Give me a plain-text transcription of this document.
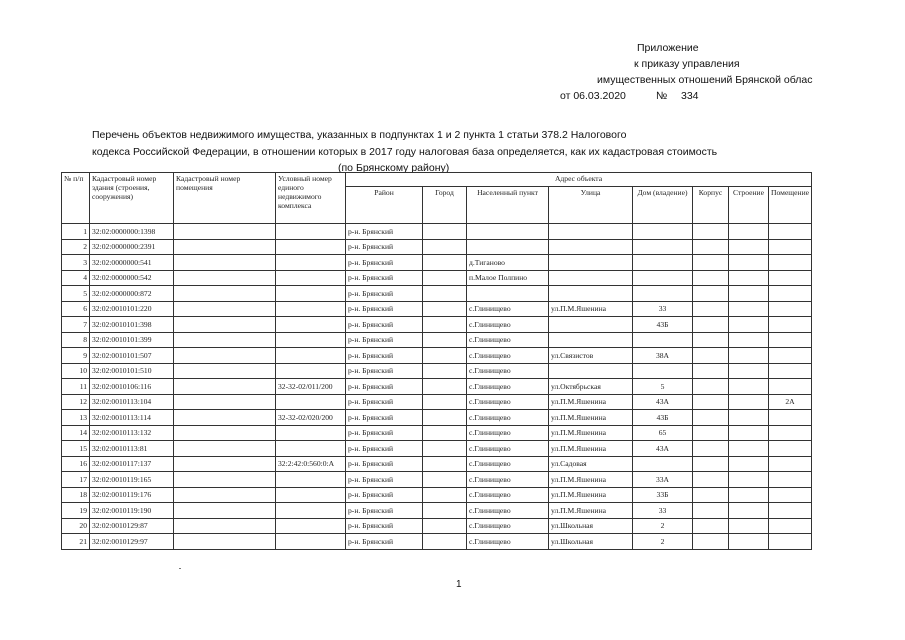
Приложение
к приказу управления
имущественных отношений Брянской облас
от 06.03.2020	№ 334
Перечень объектов недвижимого имущества, указанных в подпунктах 1 и 2 пункта 1 статьи 378.2 Налогового
кодекса Российской Федерации, в отношении которых в 2017 году налоговая база определяется, как их кадастровая стоимость
(по Брянскому району)
№ п/п	Кадастровый номер здания (строения, сооружения)	Кадастровый номер помещения	Условный номер единого недвижимого комплекса	Адрес объекта							
				Район	Город	Населенный пункт	Улица	Дом (владение)	Корпус	Строение	Помещение
1	32:02:0000000:1398			р-н. Брянский							
2	32:02:0000000:2391			р-н. Брянский							
3	32:02:0000000:541			р-н. Брянский		д.Тиганово					
4	32:02:0000000:542			р-н. Брянский		п.Малое Полпино					
5	32:02:0000000:872			р-н. Брянский							
6	32:02:0010101:220			р-н. Брянский		с.Глинищево	ул.П.М.Яшенина	33			
7	32:02:0010101:398			р-н. Брянский		с.Глинищево		43Б			
8	32:02:0010101:399			р-н. Брянский		с.Глинищево					
9	32:02:0010101:507			р-н. Брянский		с.Глинищево	ул.Связистов	38А			
10	32:02:0010101:510			р-н. Брянский		с.Глинищево					
11	32:02:0010106:116		32-32-02/011/200	р-н. Брянский		с.Глинищево	ул.Октябрьская	5			
12	32:02:0010113:104			р-н. Брянский		с.Глинищево	ул.П.М.Яшенина	43А			2А
13	32:02:0010113:114		32-32-02/020/200	р-н. Брянский		с.Глинищево	ул.П.М.Яшенина	43Б			
14	32:02:0010113:132			р-н. Брянский		с.Глинищево	ул.П.М.Яшенина	65			
15	32:02:0010113:81			р-н. Брянский		с.Глинищево	ул.П.М.Яшенина	43А			
16	32:02:0010117:137		32:2:42:0:560:0:А	р-н. Брянский		с.Глинищево	ул.Садовая				
17	32:02:0010119:165			р-н. Брянский		с.Глинищево	ул.П.М.Яшенина	33А			
18	32:02:0010119:176			р-н. Брянский		с.Глинищево	ул.П.М.Яшенина	33Б			
19	32:02:0010119:190			р-н. Брянский		с.Глинищево	ул.П.М.Яшенина	33			
20	32:02:0010129:87			р-н. Брянский		с.Глинищево	ул.Школьная	2			
21	32:02:0010129:97			р-н. Брянский		с.Глинищево	ул.Школьная	2			
1
